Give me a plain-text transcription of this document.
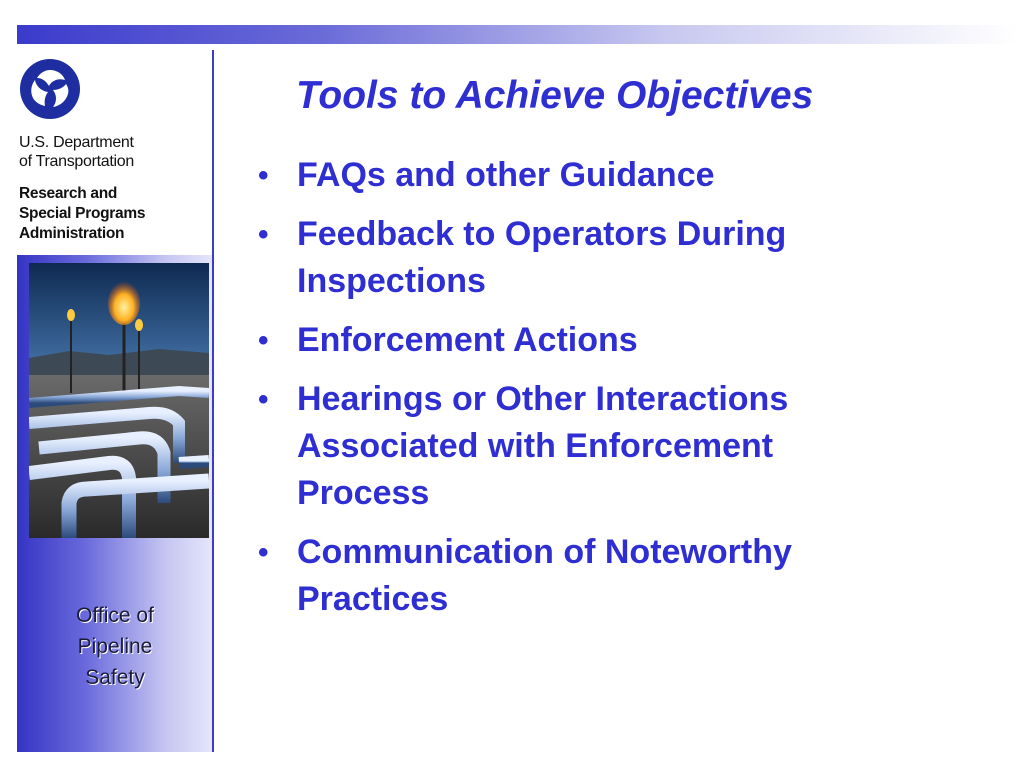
U.S. Department
of Transportation
Research and
Special Programs
Administration
Office of
Pipeline
Safety
Tools to Achieve Objectives
• FAQs and other Guidance
• Feedback to Operators During Inspections
• Enforcement Actions
• Hearings or Other Interactions Associated with Enforcement Process
• Communication of Noteworthy Practices
